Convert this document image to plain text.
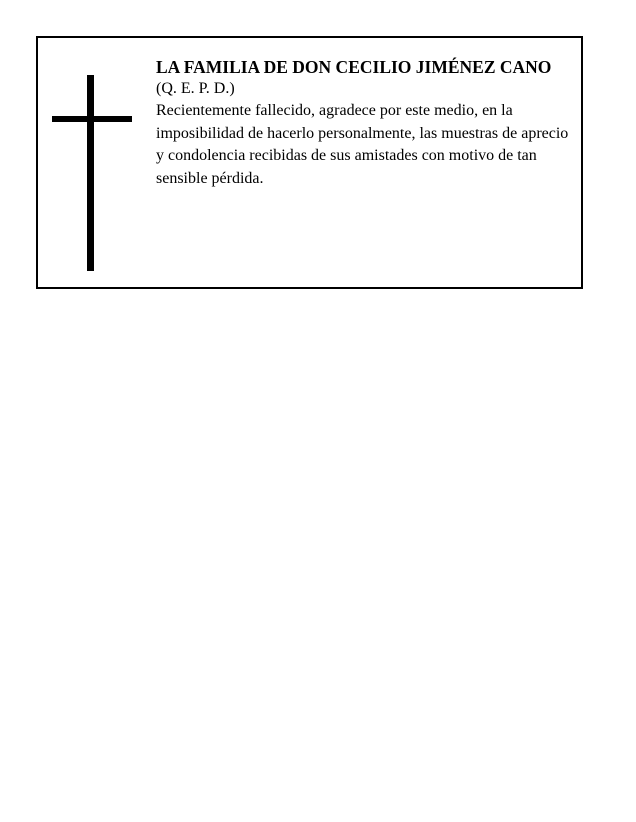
LA FAMILIA DE DON CECILIO JIMÉNEZ CANO

(Q. E. P. D.)

Recientemente fallecido, agradece por este medio, en la imposibilidad de hacerlo personalmente, las muestras de aprecio y condolencia recibidas de sus amistades con motivo de tan sensible pérdida.
